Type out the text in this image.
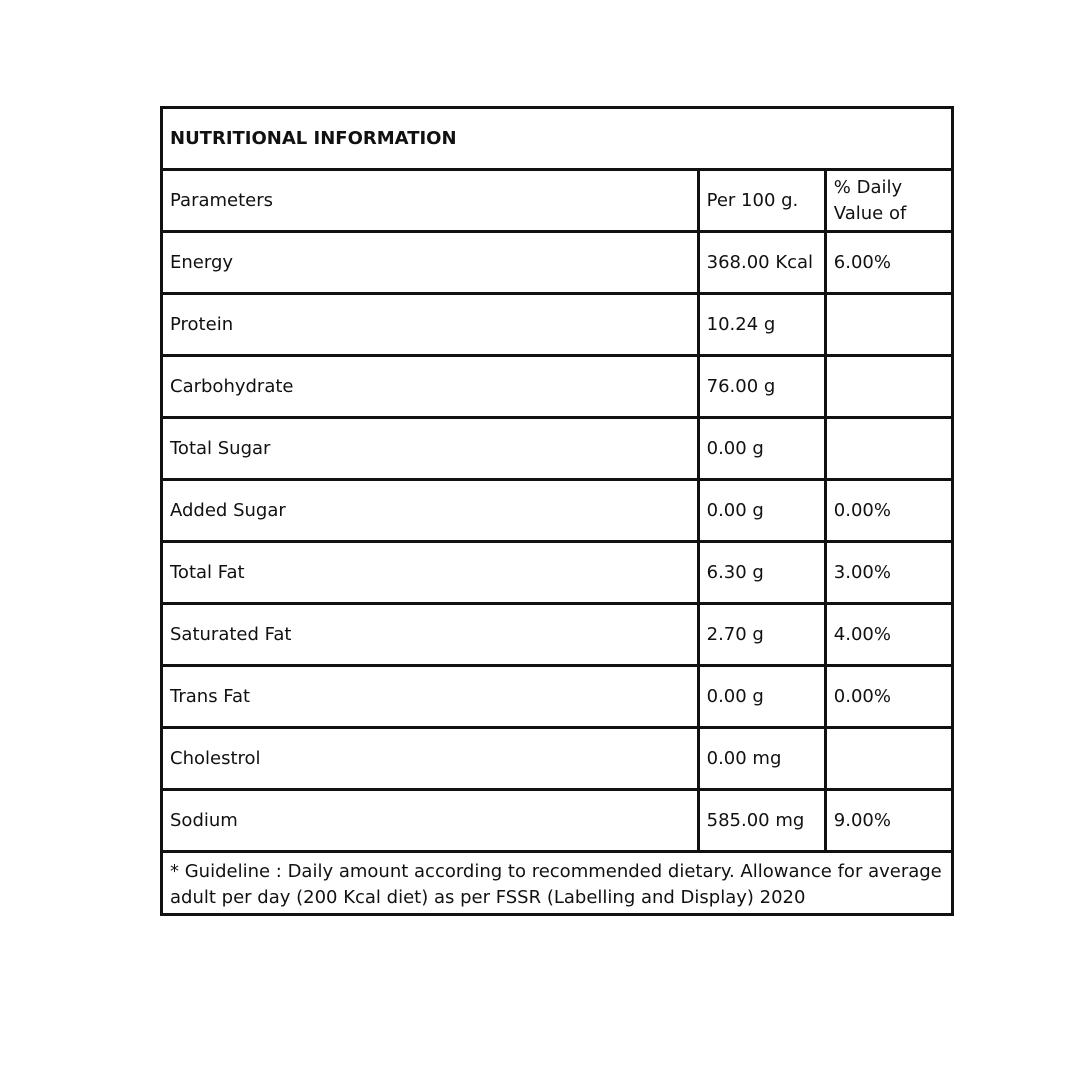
NUTRITIONAL INFORMATION		
Parameters	Per 100 g.	% Daily Value of

Energy	368.00 Kcal	6.00%
Protein	10.24 g	
Carbohydrate	76.00 g	
Total Sugar	0.00 g	
Added Sugar	0.00 g	0.00%
Total Fat	6.30 g	3.00%
Saturated Fat	2.70 g	4.00%
Trans Fat	0.00 g	0.00%
Cholestrol	0.00 mg	
Sodium	585.00 mg	9.00%
* Guideline : Daily amount according to recommended dietary. Allowance for average adult per day (200 Kcal diet) as per FSSR (Labelling and Display) 2020		
